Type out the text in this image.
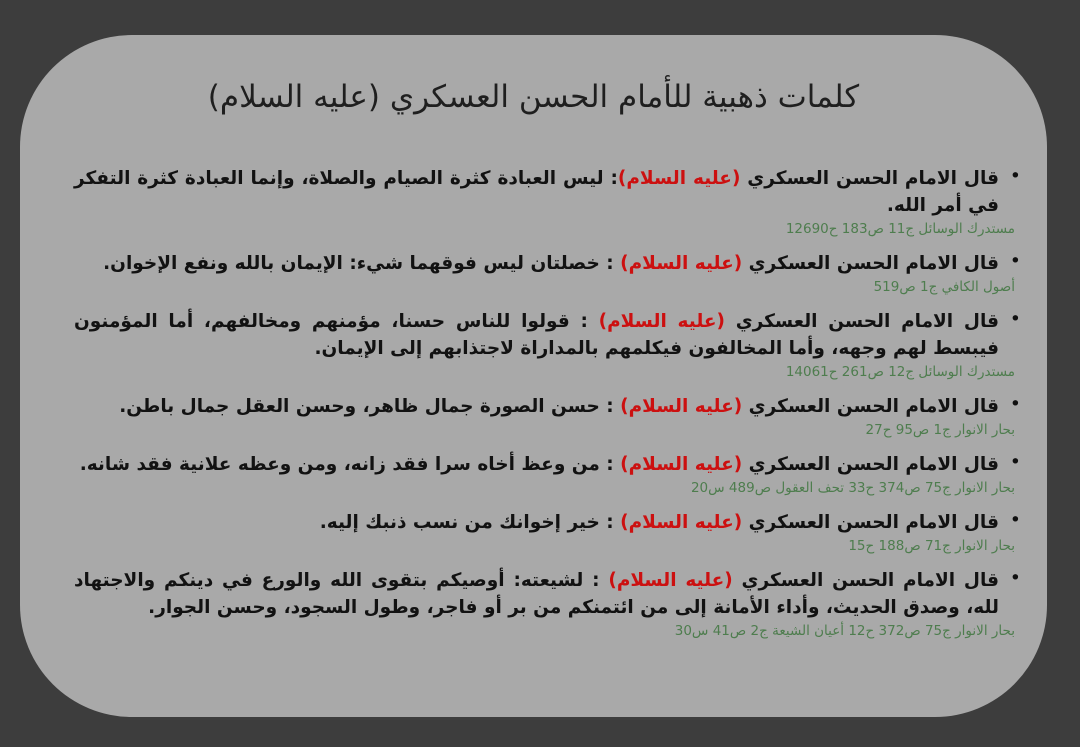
كلمات ذهبية للأمام الحسن العسكري (عليه السلام)
•

قال الامام الحسن العسكري (عليه السلام): ليس العبادة كثرة الصيام والصلاة، وإنما العبادة كثرة التفكر في أمر الله.

مستدرك الوسائل ج11 ص183 ح12690
•

قال الامام الحسن العسكري (عليه السلام) : خصلتان ليس فوقهما شيء: الإيمان بالله ونفع الإخوان.

أصول الكافي ج1 ص519
•

قال الامام الحسن العسكري (عليه السلام) : قولوا للناس حسنا، مؤمنهم ومخالفهم، أما المؤمنون فيبسط لهم وجهه، وأما المخالفون فيكلمهم بالمداراة لاجتذابهم إلى الإيمان.

مستدرك الوسائل ج12 ص261 ح14061
•

قال الامام الحسن العسكري (عليه السلام) : حسن الصورة جمال ظاهر، وحسن العقل جمال باطن.

بحار الانوار ج1 ص95 ح27
•

قال الامام الحسن العسكري (عليه السلام) : من وعظ أخاه سرا فقد زانه، ومن وعظه علانية فقد شانه.

بحار الانوار ج75 ص374 ح33 تحف العقول ص489 س20
•

قال الامام الحسن العسكري (عليه السلام) : خير إخوانك من نسب ذنبك إليه.

بحار الانوار ج71 ص188 ح15
•

قال الامام الحسن العسكري (عليه السلام) : لشيعته: أوصيكم بتقوى الله والورع في دينكم والاجتهاد لله، وصدق الحديث، وأداء الأمانة إلى من ائتمنكم من بر أو فاجر، وطول السجود، وحسن الجوار.

بحار الانوار ج75 ص372 ح12 أعيان الشيعة ج2 ص41 س30
